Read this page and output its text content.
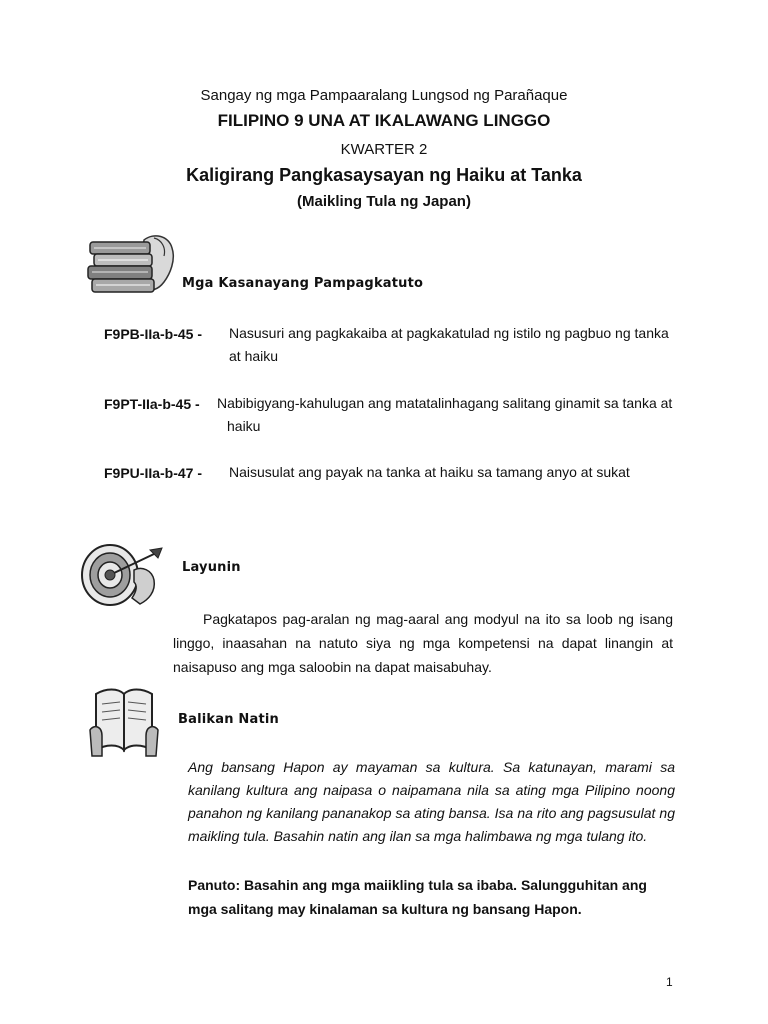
Sangay ng mga Pampaaralang Lungsod ng Parañaque
FILIPINO 9 UNA AT IKALAWANG LINGGO
KWARTER 2
Kaligirang Pangkasaysayan ng Haiku at Tanka
(Maikling Tula ng Japan)
Mga Kasanayang Pampagkatuto
F9PB-IIa-b-45 - Nasusuri ang pagkakaiba at pagkakatulad ng istilo ng pagbuo ng tanka
at haiku
F9PT-IIa-b-45 - Nabibigyang-kahulugan ang matatalinhagang salitang ginamit sa tanka at
haiku
F9PU-IIa-b-47 - Naisusulat ang payak na tanka at haiku sa tamang anyo at sukat
Layunin
Pagkatapos pag-aralan ng mag-aaral ang modyul na ito sa loob ng isang linggo, inaasahan na natuto siya ng mga kompetensi na dapat linangin at naisapuso ang mga saloobin na dapat maisabuhay.
Balikan Natin
Ang bansang Hapon ay mayaman sa kultura. Sa katunayan, marami sa kanilang kultura ang naipasa o naipamana nila sa ating mga Pilipino noong panahon ng kanilang pananakop sa ating bansa. Isa na rito ang pagsusulat ng maikling tula. Basahin natin ang ilan sa mga halimbawa ng mga tulang ito.
Panuto: Basahin ang mga maiikling tula sa ibaba. Salungguhitan ang mga salitang may kinalaman sa kultura ng bansang Hapon.
1
